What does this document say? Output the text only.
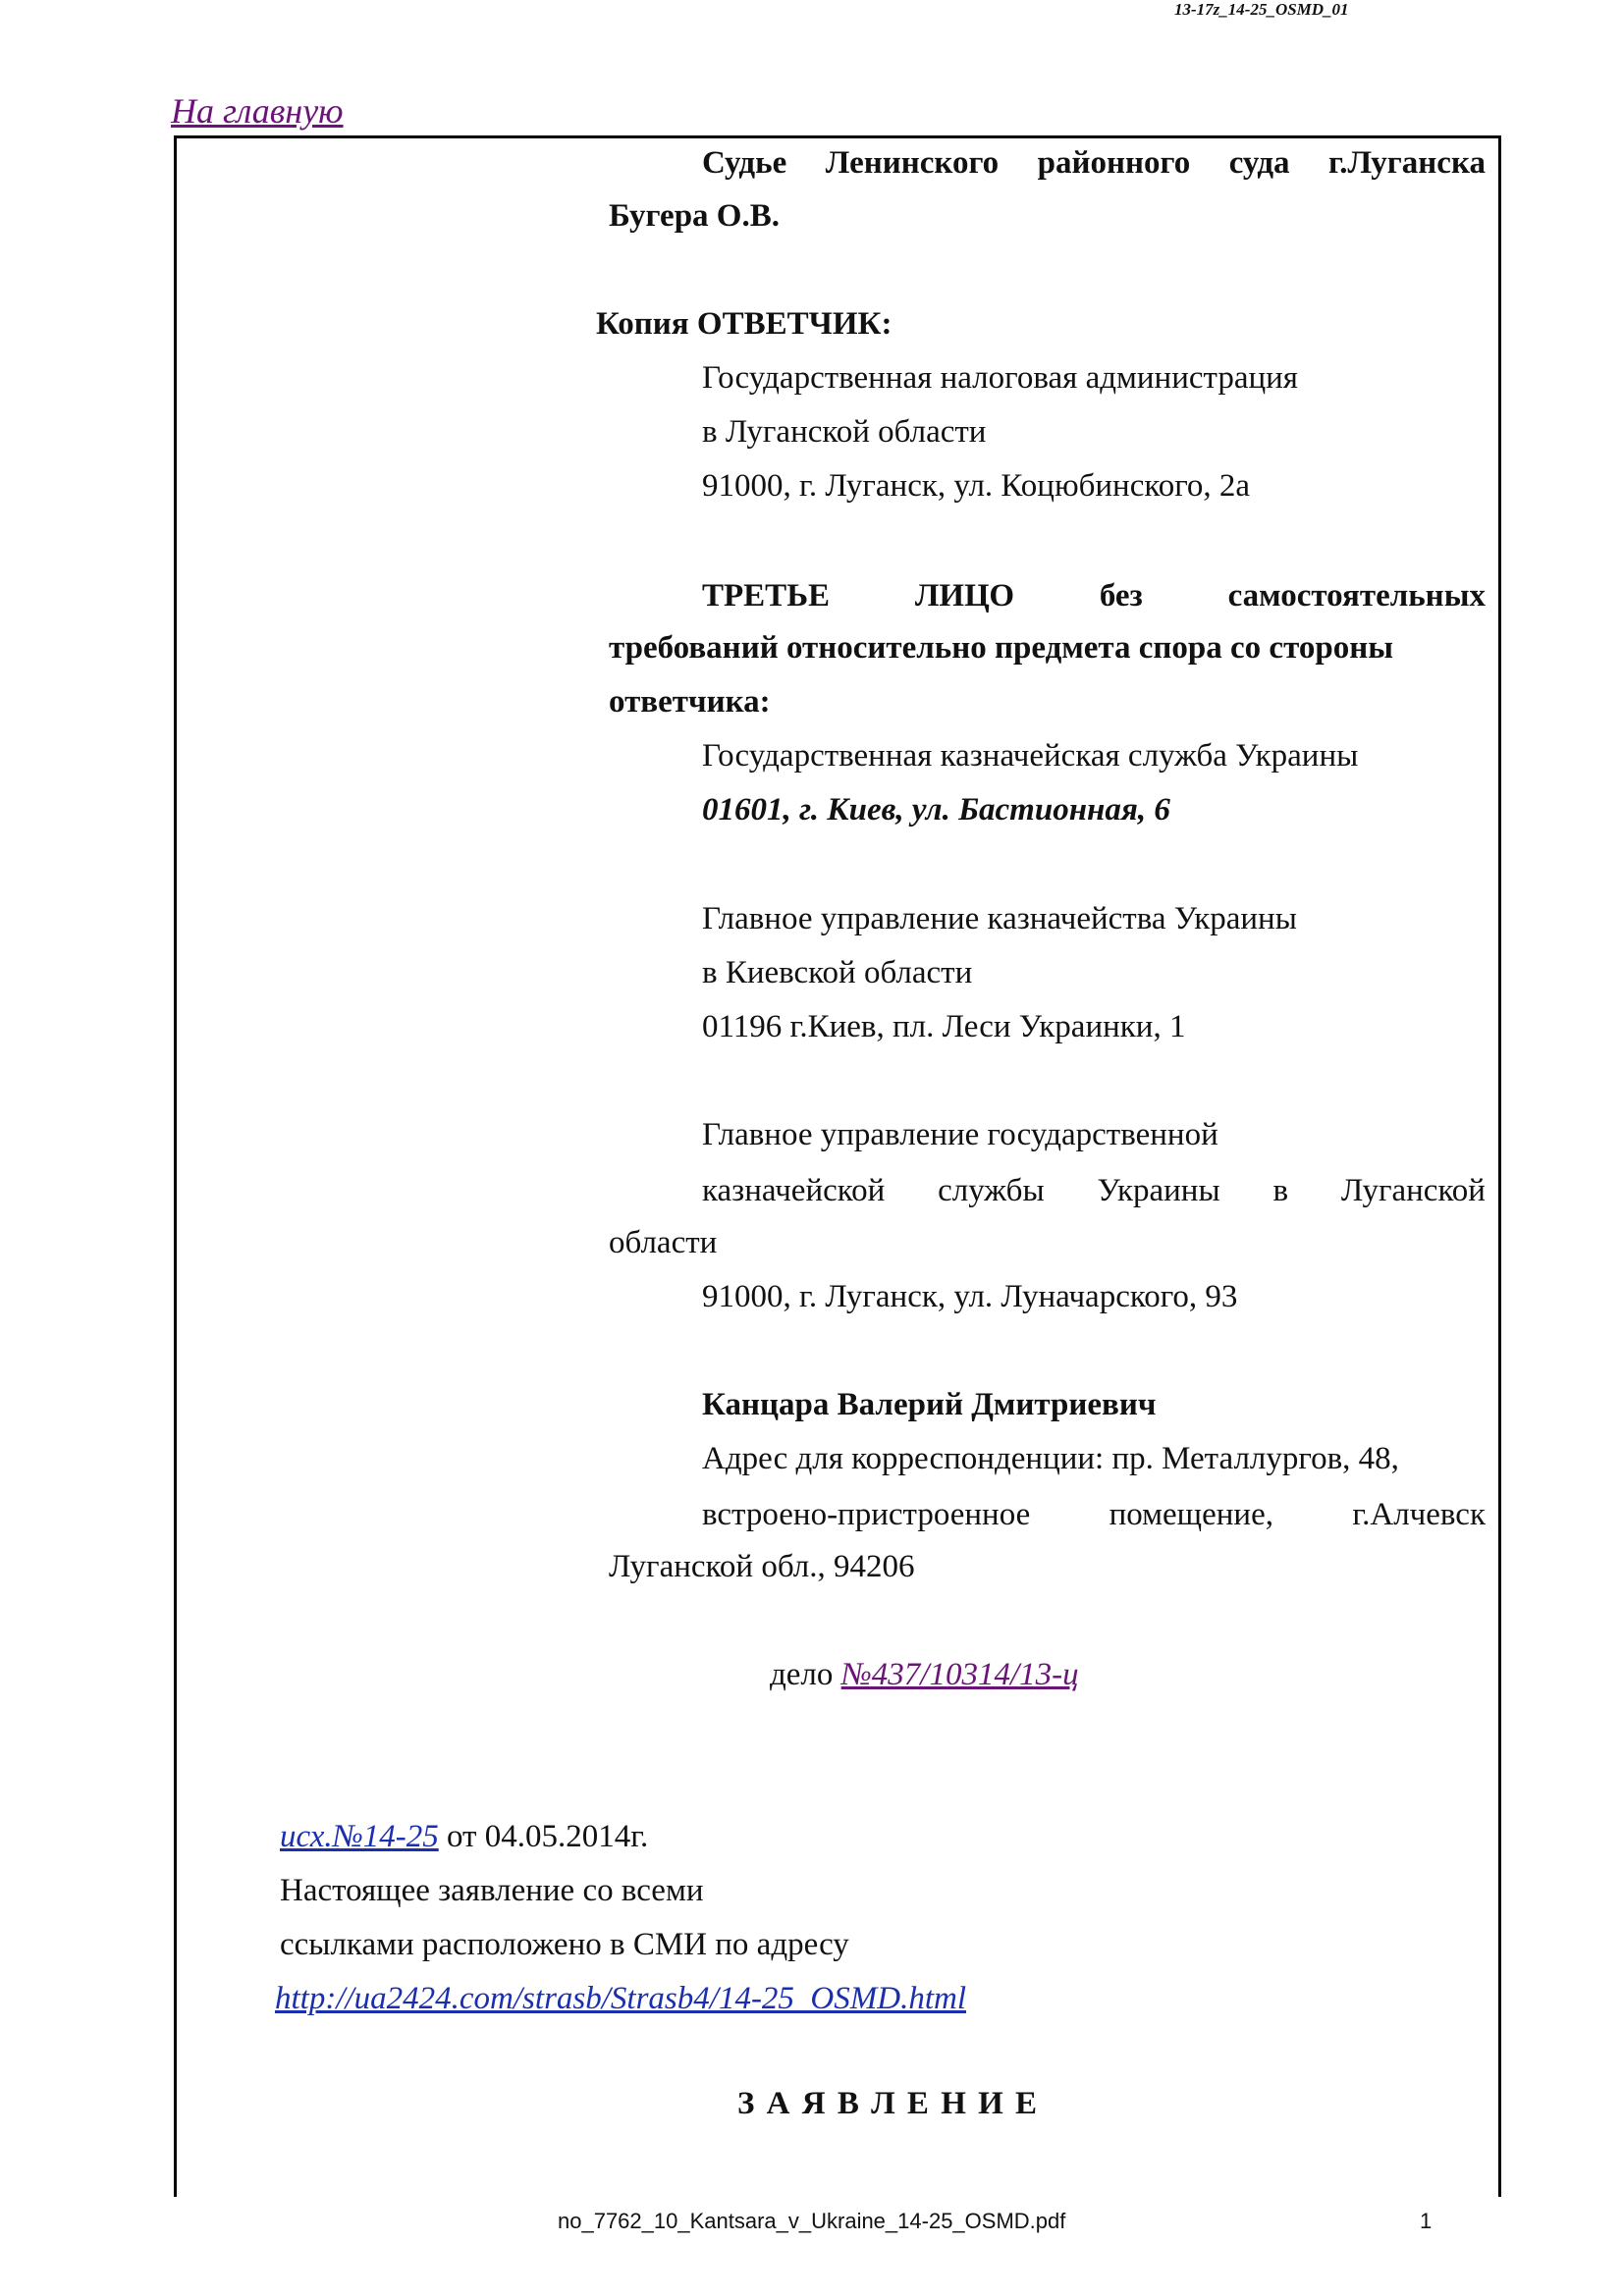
13-17z_14-25_OSMD_01
На главную
Судье Ленинского районного суда г.Луганска
Бугера О.В.
Копия ОТВЕТЧИК:
Государственная налоговая администрация
в Луганской области
91000, г. Луганск, ул. Коцюбинского, 2а
ТРЕТЬЕ	ЛИЦО	без	самостоятельных
требований относительно предмета спора со стороны
ответчика:
Государственная казначейская служба Украины
01601, г. Киев, ул. Бастионная, 6
Главное управление казначейства Украины
в Киевской области
01196 г.Киев, пл. Леси Украинки, 1
Главное управление государственной
казначейской службы Украины в Луганской
области
91000, г. Луганск, ул. Луначарского, 93
Канцара Валерий Дмитриевич
Адрес для корреспонденции: пр. Металлургов, 48,
встроено-пристроенное помещение, г.Алчевск
Луганской обл., 94206
дело №437/10314/13-ц
исх.№14-25 от 04.05.2014г.
Настоящее заявление со всеми
ссылками расположено в СМИ по адресу
http://ua2424.com/strasb/Strasb4/14-25_OSMD.html
З А Я В Л Е Н И Е
no_7762_10_Kantsara_v_Ukraine_14-25_OSMD.pdf	1
